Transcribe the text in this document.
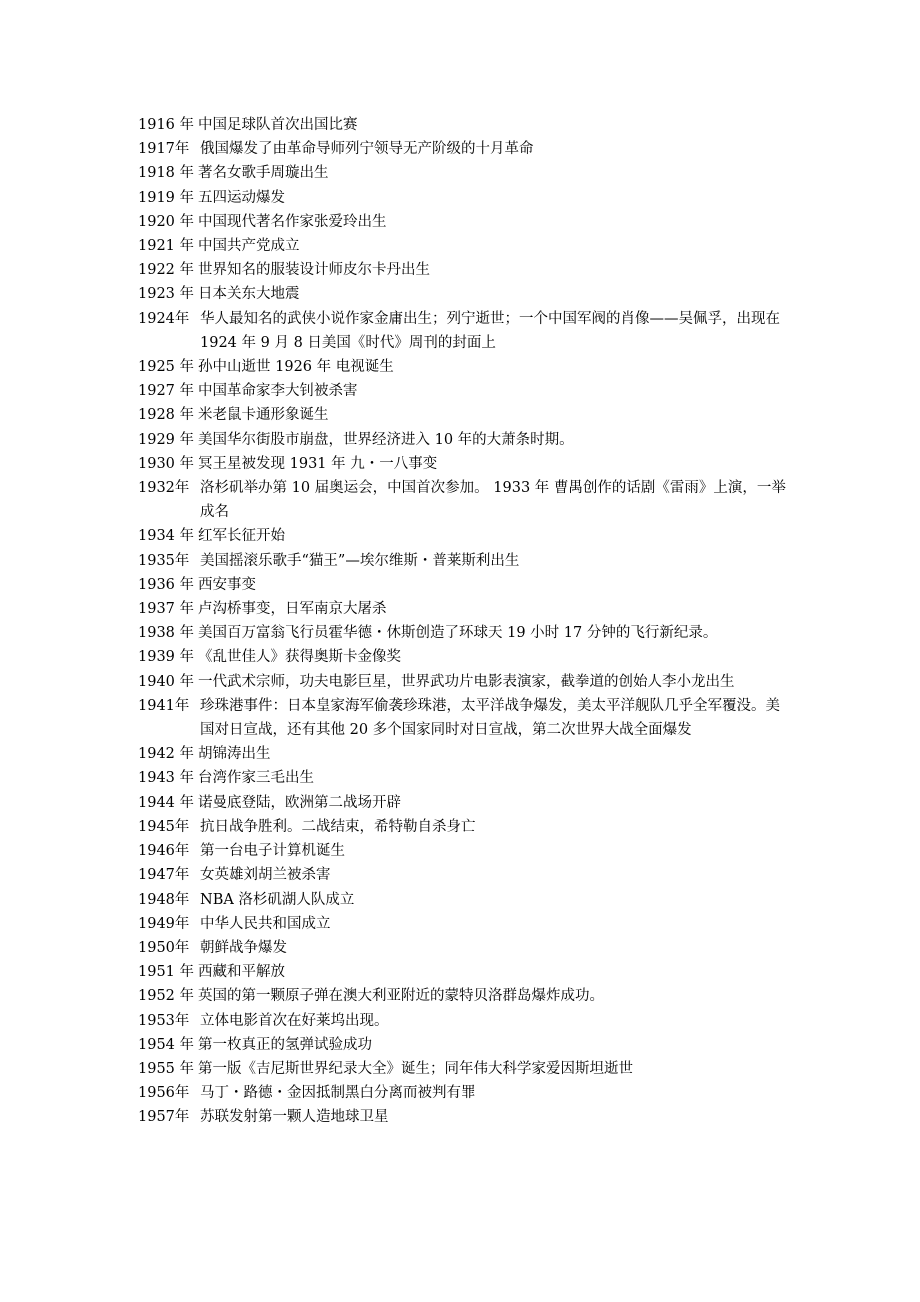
1916 年 中国足球队首次出国比赛
1917年 俄国爆发了由革命导师列宁领导无产阶级的十月革命
1918 年 著名女歌手周璇出生
1919 年 五四运动爆发
1920 年 中国现代著名作家张爱玲出生
1921 年 中国共产党成立
1922 年 世界知名的服装设计师皮尔卡丹出生
1923 年 日本关东大地震
1924年 华人最知名的武侠小说作家金庸出生；列宁逝世；一个中国军阀的肖像——吴佩孚，出现在 1924 年 9 月 8 日美国《时代》周刊的封面上
1925 年 孙中山逝世 1926 年 电视诞生
1927 年 中国革命家李大钊被杀害
1928 年 米老鼠卡通形象诞生
1929 年 美国华尔街股市崩盘，世界经济进入 10 年的大萧条时期。
1930 年 冥王星被发现 1931 年 九・一八事变
1932年 洛杉矶举办第 10 届奥运会，中国首次参加。 1933 年 曹禺创作的话剧《雷雨》上演，一举成名
1934 年 红军长征开始
1935年 美国摇滚乐歌手“猫王”—埃尔维斯・普莱斯利出生
1936 年 西安事变
1937 年 卢沟桥事变，日军南京大屠杀
1938 年 美国百万富翁飞行员霍华德・休斯创造了环球天 19 小时 17 分钟的飞行新纪录。
1939 年 《乱世佳人》获得奥斯卡金像奖
1940 年 一代武术宗师，功夫电影巨星，世界武功片电影表演家，截拳道的创始人李小龙出生
1941年 珍珠港事件：日本皇家海军偷袭珍珠港，太平洋战争爆发，美太平洋舰队几乎全军覆没。美国对日宣战，还有其他 20 多个国家同时对日宣战，第二次世界大战全面爆发
1942 年 胡锦涛出生
1943 年 台湾作家三毛出生
1944 年 诺曼底登陆，欧洲第二战场开辟
1945年 抗日战争胜利。二战结束，希特勒自杀身亡
1946年 第一台电子计算机诞生
1947年 女英雄刘胡兰被杀害
1948年 NBA 洛杉矶湖人队成立
1949年 中华人民共和国成立
1950年 朝鲜战争爆发
1951 年 西藏和平解放
1952 年 英国的第一颗原子弹在澳大利亚附近的蒙特贝洛群岛爆炸成功。
1953年 立体电影首次在好莱坞出现。
1954 年 第一枚真正的氢弹试验成功
1955 年 第一版《吉尼斯世界纪录大全》诞生；同年伟大科学家爱因斯坦逝世
1956年 马丁・路德・金因抵制黑白分离而被判有罪
1957年 苏联发射第一颗人造地球卫星
